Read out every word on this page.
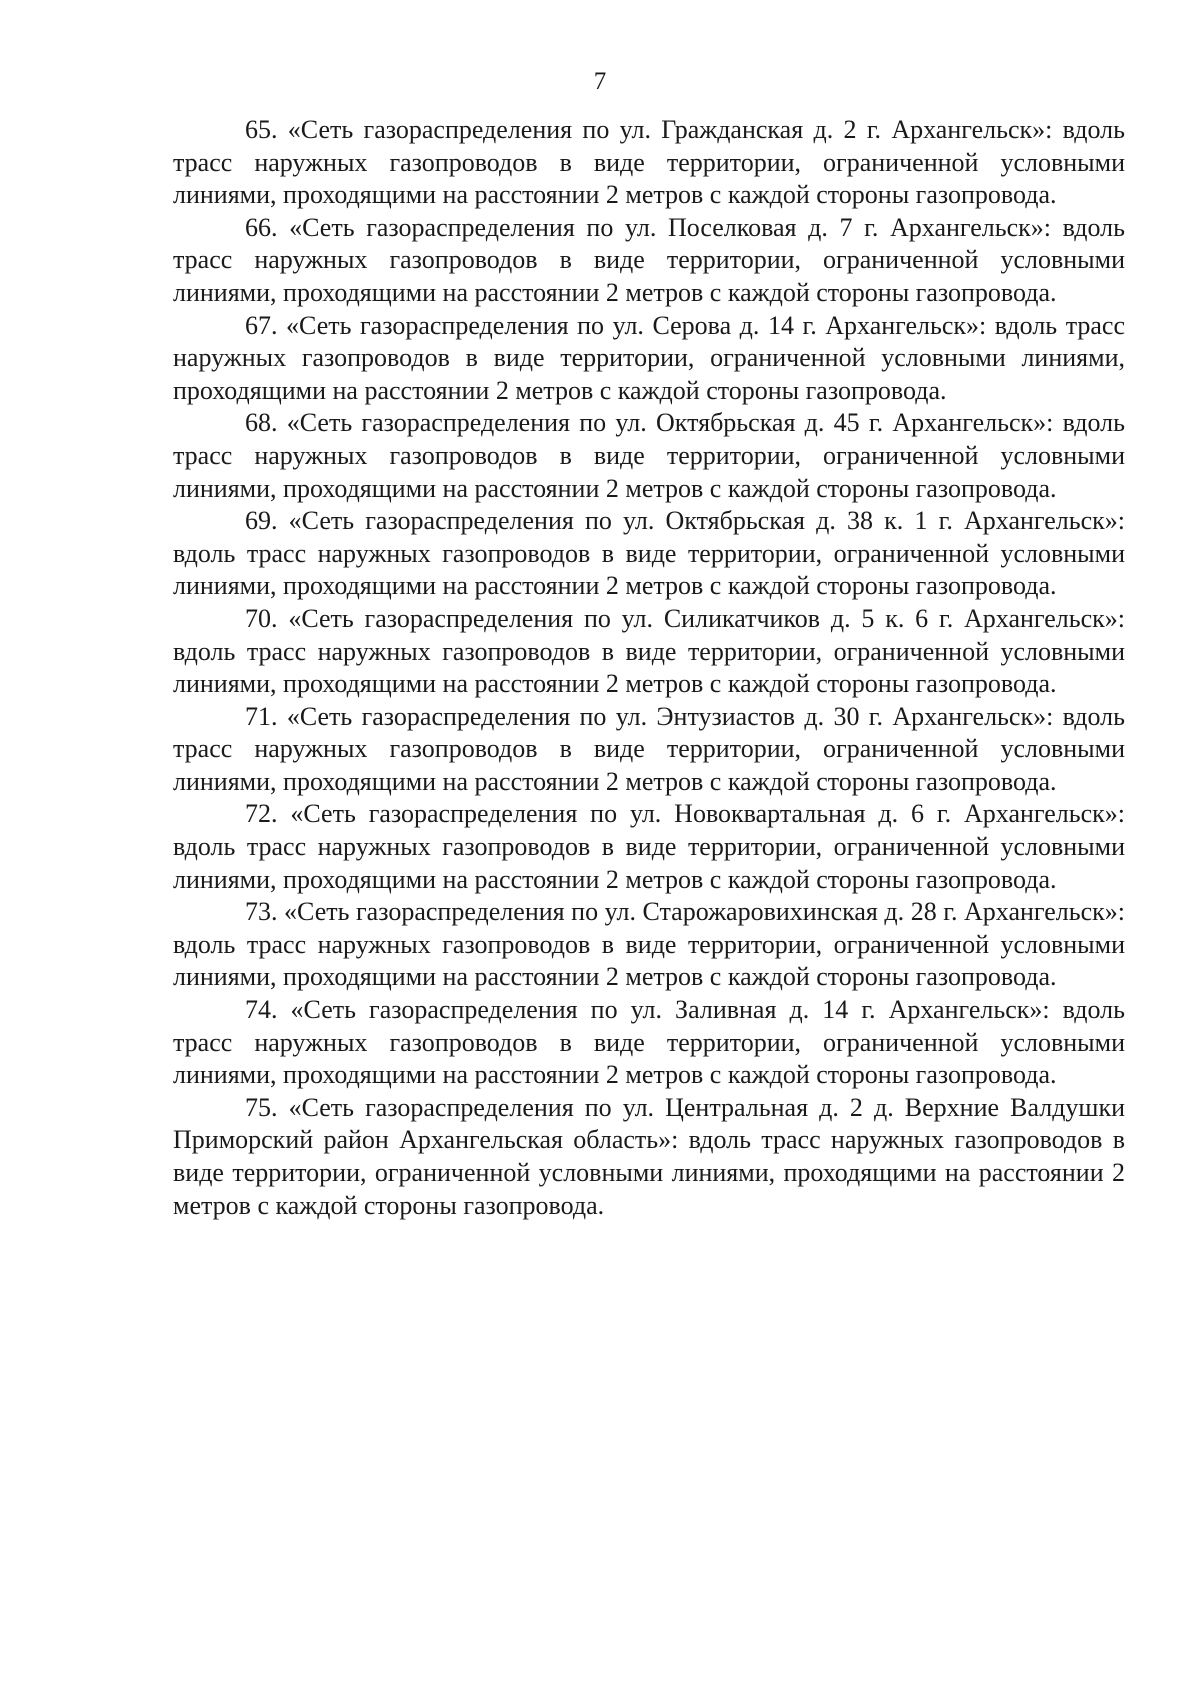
7

65. «Сеть газораспределения по ул. Гражданская д. 2 г. Архангельск»: вдоль трасс наружных газопроводов в виде территории, ограниченной условными линиями, проходящими на расстоянии 2 метров с каждой стороны газопровода.

66. «Сеть газораспределения по ул. Поселковая д. 7 г. Архангельск»: вдоль трасс наружных газопроводов в виде территории, ограниченной условными линиями, проходящими на расстоянии 2 метров с каждой стороны газопровода.

67. «Сеть газораспределения по ул. Серова д. 14 г. Архангельск»: вдоль трасс наружных газопроводов в виде территории, ограниченной условными линиями, проходящими на расстоянии 2 метров с каждой стороны газопровода.

68. «Сеть газораспределения по ул. Октябрьская д. 45 г. Архангельск»: вдоль трасс наружных газопроводов в виде территории, ограниченной условными линиями, проходящими на расстоянии 2 метров с каждой стороны газопровода.

69. «Сеть газораспределения по ул. Октябрьская д. 38 к. 1 г. Архангельск»: вдоль трасс наружных газопроводов в виде территории, ограниченной условными линиями, проходящими на расстоянии 2 метров с каждой стороны газопровода.

70. «Сеть газораспределения по ул. Силикатчиков д. 5 к. 6 г. Архангельск»: вдоль трасс наружных газопроводов в виде территории, ограниченной условными линиями, проходящими на расстоянии 2 метров с каждой стороны газопровода.

71. «Сеть газораспределения по ул. Энтузиастов д. 30 г. Архангельск»: вдоль трасс наружных газопроводов в виде территории, ограниченной условными линиями, проходящими на расстоянии 2 метров с каждой стороны газопровода.

72. «Сеть газораспределения по ул. Новоквартальная д. 6 г. Архангельск»: вдоль трасс наружных газопроводов в виде территории, ограниченной условными линиями, проходящими на расстоянии 2 метров с каждой стороны газопровода.

73. «Сеть газораспределения по ул. Старожаровихинская д. 28 г. Архангельск»: вдоль трасс наружных газопроводов в виде территории, ограниченной условными линиями, проходящими на расстоянии 2 метров с каждой стороны газопровода.

74. «Сеть газораспределения по ул. Заливная д. 14 г. Архангельск»: вдоль трасс наружных газопроводов в виде территории, ограниченной условными линиями, проходящими на расстоянии 2 метров с каждой стороны газопровода.

75. «Сеть газораспределения по ул. Центральная д. 2 д. Верхние Валдушки Приморский район Архангельская область»: вдоль трасс наружных газопроводов в виде территории, ограниченной условными линиями, проходящими на расстоянии 2 метров с каждой стороны газопровода.
